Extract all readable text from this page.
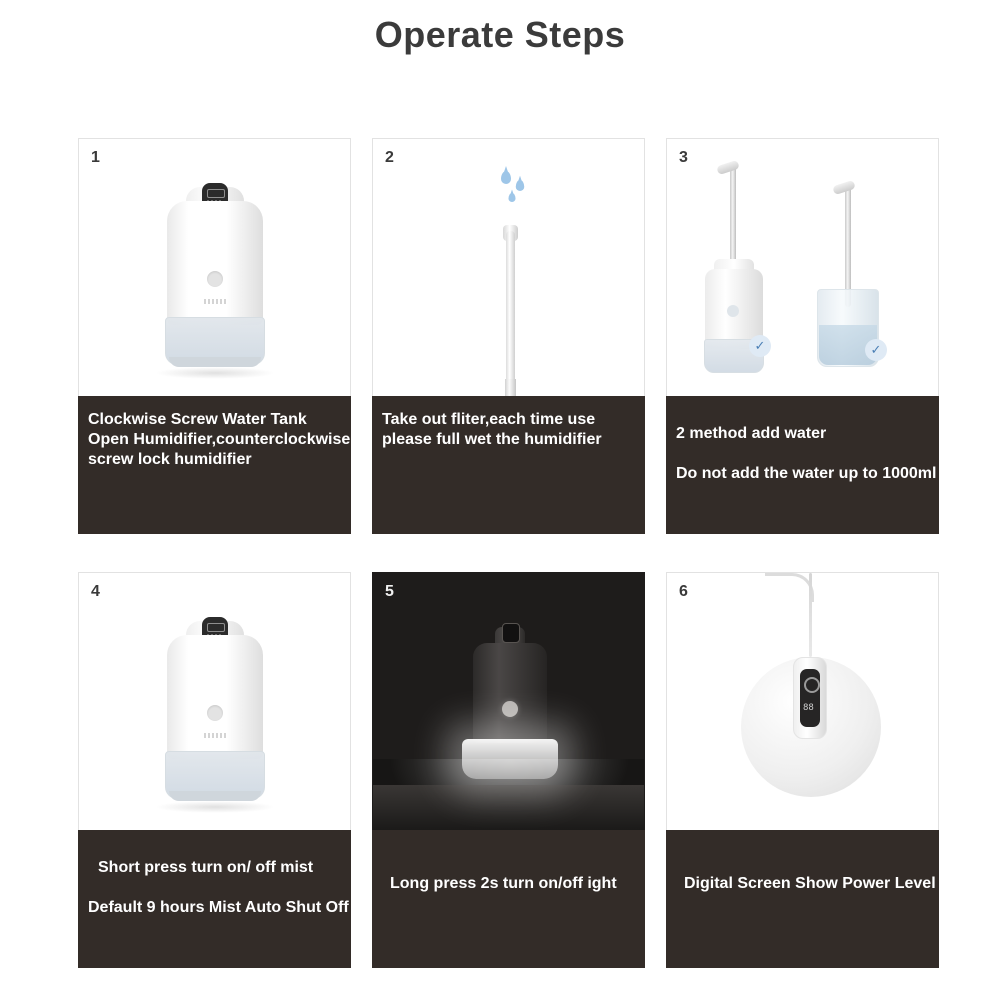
Operate Steps
1
Clockwise Screw Water Tank
Open Humidifier,counterclockwise
screw lock humidifier
2
Take out fliter,each time use
please full wet the humidifier
3
✓	✓
2 method add water
Do not add the water up to 1000ml
4
Short press turn on/ off mist
Default 9 hours Mist Auto Shut Off
5
Long press 2s turn on/off ight
6
88
Digital Screen Show Power Level
